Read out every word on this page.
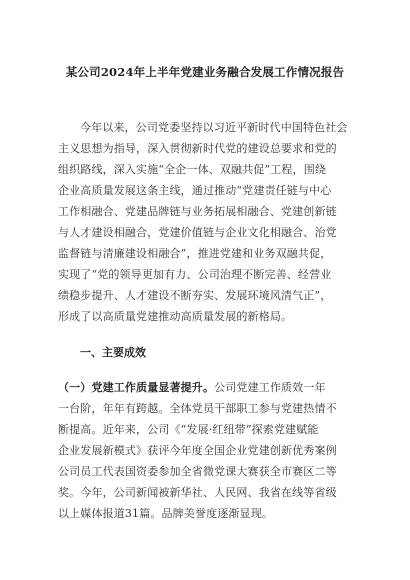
某公司2024年上半年党建业务融合发展工作情况报告
今年以来，公司党委坚持以习近平新时代中国特色社会
主义思想为指导，深入贯彻新时代党的建设总要求和党的
组织路线，深入实施“全企一体、双融共促”工程，围绕
企业高质量发展这条主线，通过推动“党建责任链与中心
工作相融合、党建品牌链与业务拓展相融合、党建创新链
与人才建设相融合，党建价值链与企业文化相融合、治党
监督链与清廉建设相融合”，推进党建和业务双融共促，
实现了“党的领导更加有力、公司治理不断完善、经营业
绩稳步提升、人才建设不断夯实、发展环境风清气正”，
形成了以高质量党建推动高质量发展的新格局。
一、主要成效
（一）党建工作质量显著提升。公司党建工作质效一年
一台阶，年年有跨越。全体党员干部职工参与党建热情不
断提高。近年来，公司《“发展·红纽带”探索党建赋能
企业发展新模式》获评今年度全国企业党建创新优秀案例
公司员工代表国资委参加全省微党课大赛获全市赛区二等
奖。今年，公司新闻被新华社、人民网、我省在线等省级
以上媒体报道31篇。品牌美誉度逐渐显现。
